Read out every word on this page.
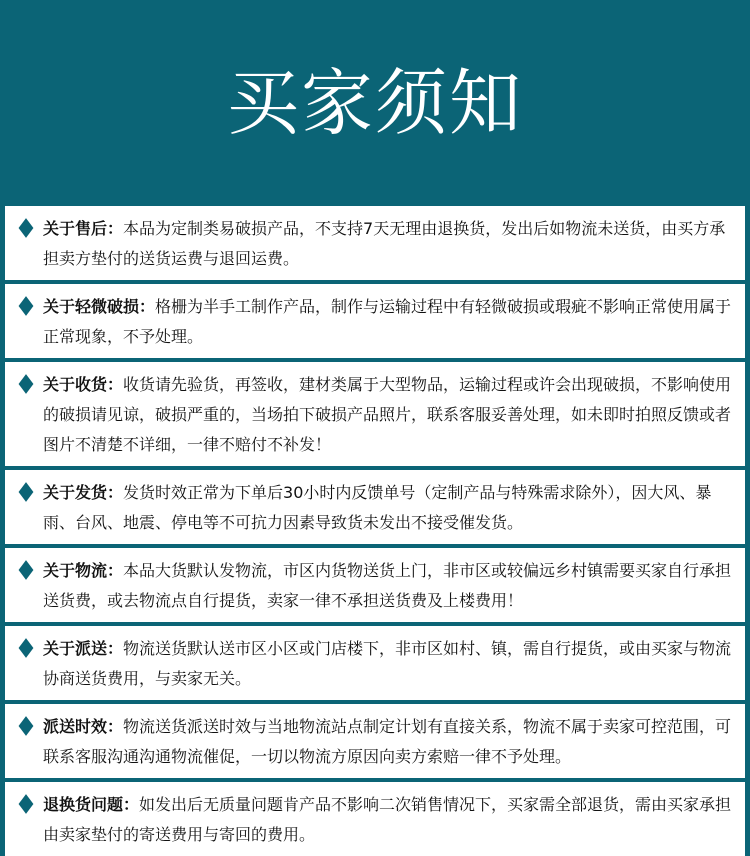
买家须知
关于售后：本品为定制类易破损产品，不支持7天无理由退换货，发出后如物流未送货，由买方承担卖方垫付的送货运费与退回运费。
关于轻微破损：格栅为半手工制作产品，制作与运输过程中有轻微破损或瑕疵不影响正常使用属于正常现象，不予处理。
关于收货：收货请先验货，再签收，建材类属于大型物品，运输过程或许会出现破损，不影响使用的破损请见谅，破损严重的，当场拍下破损产品照片，联系客服妥善处理，如未即时拍照反馈或者图片不清楚不详细，一律不赔付不补发！
关于发货：发货时效正常为下单后30小时内反馈单号（定制产品与特殊需求除外），因大风、暴雨、台风、地震、停电等不可抗力因素导致货未发出不接受催发货。
关于物流：本品大货默认发物流，市区内货物送货上门，非市区或较偏远乡村镇需要买家自行承担送货费，或去物流点自行提货，卖家一律不承担送货费及上楼费用！
关于派送：物流送货默认送市区小区或门店楼下，非市区如村、镇，需自行提货，或由买家与物流协商送货费用，与卖家无关。
派送时效：物流送货派送时效与当地物流站点制定计划有直接关系，物流不属于卖家可控范围，可联系客服沟通沟通物流催促，一切以物流方原因向卖方索赔一律不予处理。
退换货问题：如发出后无质量问题肯产品不影响二次销售情况下，买家需全部退货，需由买家承担由卖家垫付的寄送费用与寄回的费用。
